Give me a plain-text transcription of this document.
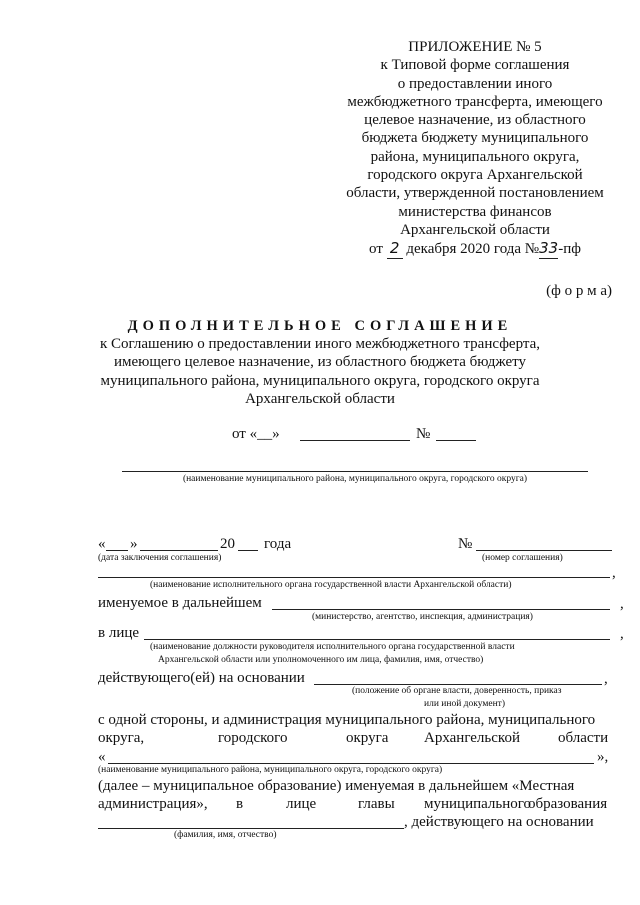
ПРИЛОЖЕНИЕ № 5
к Типовой форме соглашения
о предоставлении иного
межбюджетного трансферта, имеющего
целевое назначение, из областного
бюджета бюджету муниципального
района, муниципального округа,
городского округа Архангельской
области, утвержденной постановлением
министерства финансов
Архангельской области
от 2 декабря 2020 года №33-пф
(ф о р м а)
ДОПОЛНИТЕЛЬНОЕ СОГЛАШЕНИЕ
к Соглашению о предоставлении иного межбюджетного трансферта,
имеющего целевое назначение, из областного бюджета бюджету
муниципального района, муниципального округа, городского округа
Архангельской области
от «__»	№
(наименование муниципального района, муниципального округа, городского округа)
« »	20 года	№
(дата заключения соглашения)	(номер соглашения)
,
(наименование исполнительного органа государственной власти Архангельской области)
именуемое в дальнейшем	,
(министерство, агентство, инспекция, администрация)
в лице	,
(наименование должности руководителя исполнительного органа государственной власти
Архангельской области или уполномоченного им лица, фамилия, имя, отчество)
действующего(ей) на основании	,
(положение об органе власти, доверенность, приказ
или иной документ)
с одной стороны, и администрация муниципального района, муниципального
округа,	городского	округа Архангельской	области
«	»,
(наименование муниципального района, муниципального округа, городского округа)
(далее – муниципальное образование) именуемая в дальнейшем «Местная
администрация», в	лице	главы муниципального
образования
, действующего на основании
(фамилия, имя, отчество)
